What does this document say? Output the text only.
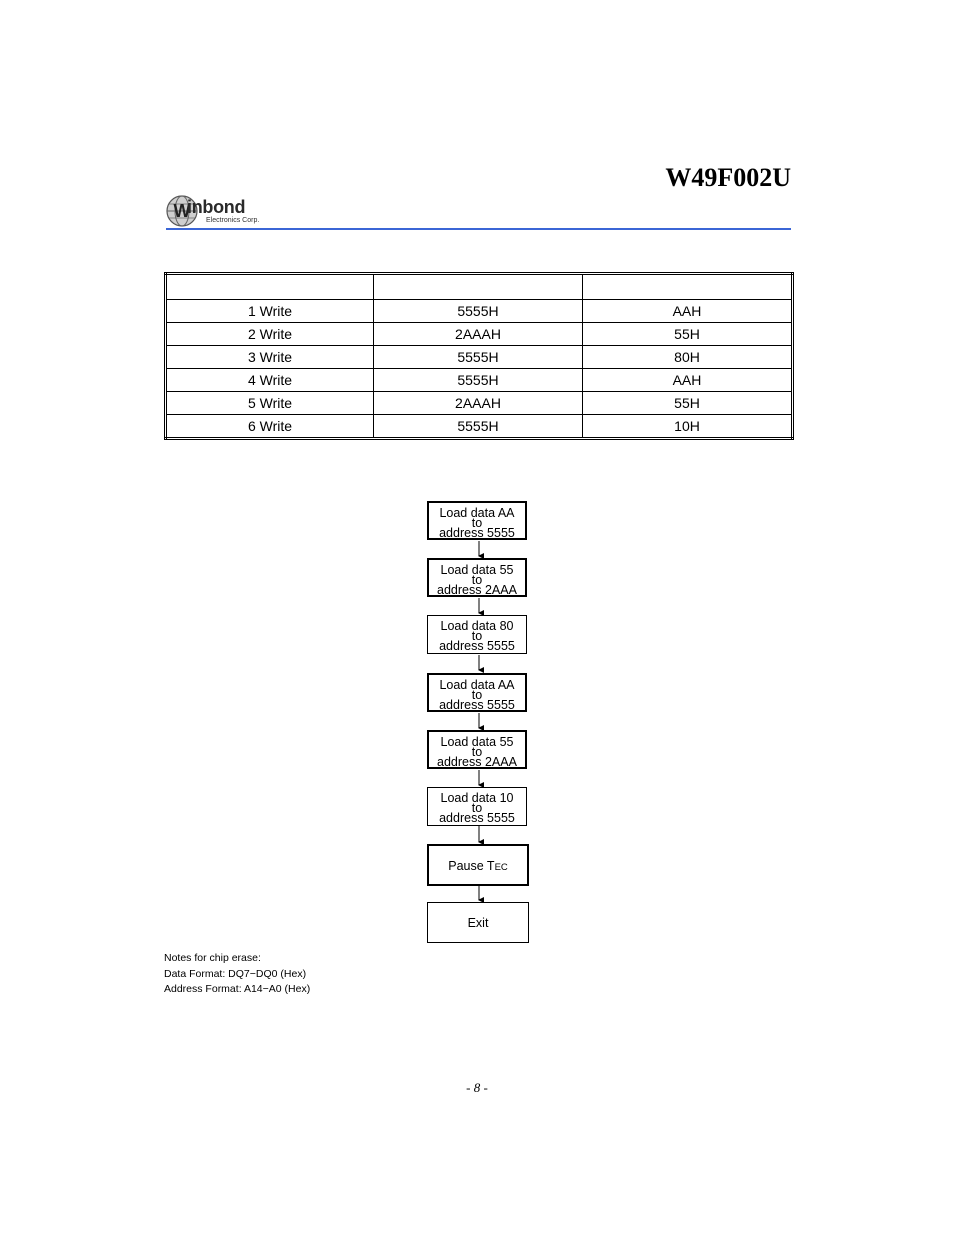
W49F002U
W
inbond
Electronics Corp.

1 Write	5555H	AAH
2 Write	2AAAH	55H
3 Write	5555H	80H
4 Write	5555H	AAH
5 Write	2AAAH	55H
6 Write	5555H	10H
Load data AA
to
address 5555
Load data 55
to
address 2AAA
Load data 80
to
address 5555
Load data AA
to
address 5555
Load data 55
to
address 2AAA
Load data 10
to
address 5555
Pause TEC
Exit
Notes for chip erase:
Data Format: DQ7−DQ0 (Hex)
Address Format: A14−A0 (Hex)
- 8 -
